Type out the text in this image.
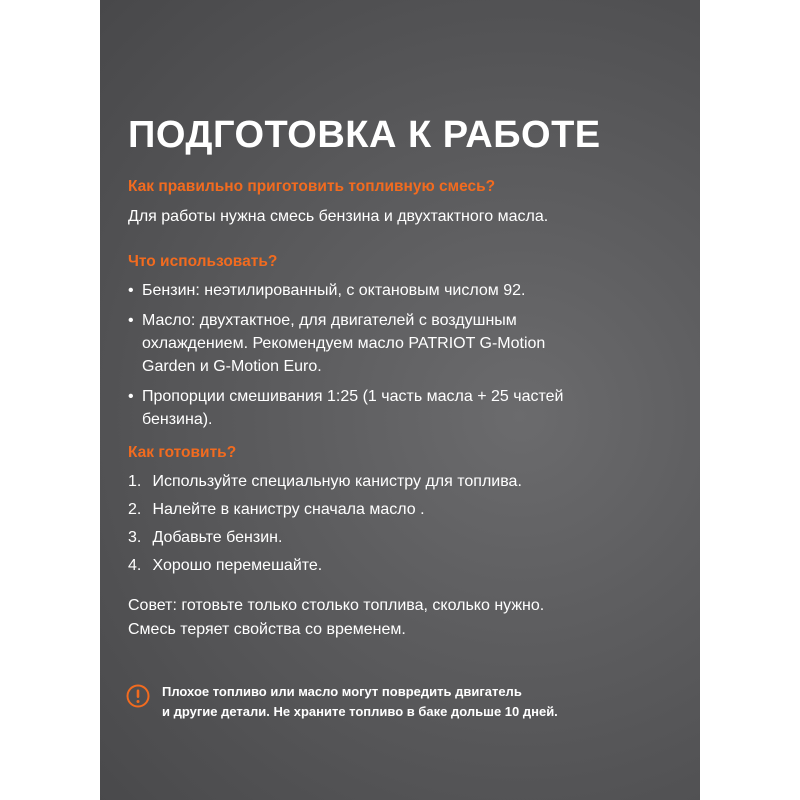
ПОДГОТОВКА К РАБОТЕ
Как правильно приготовить топливную смесь?
Для работы нужна смесь бензина и двухтактного масла.
Что использовать?
• Бензин: неэтилированный, с октановым числом 92.
• Масло: двухтактное, для двигателей с воздушным
охлаждением. Рекомендуем масло PATRIOT G-Motion
Garden и G-Motion Euro.
• Пропорции смешивания 1:25 (1 часть масла + 25 частей
бензина).
Как готовить?
1. Используйте специальную канистру для топлива.
2. Налейте в канистру сначала масло .
3. Добавьте бензин.
4. Хорошо перемешайте.
Совет: готовьте только столько топлива, сколько нужно.
Смесь теряет свойства со временем.
Плохое топливо или масло могут повредить двигатель
и другие детали. Не храните топливо в баке дольше 10 дней.
